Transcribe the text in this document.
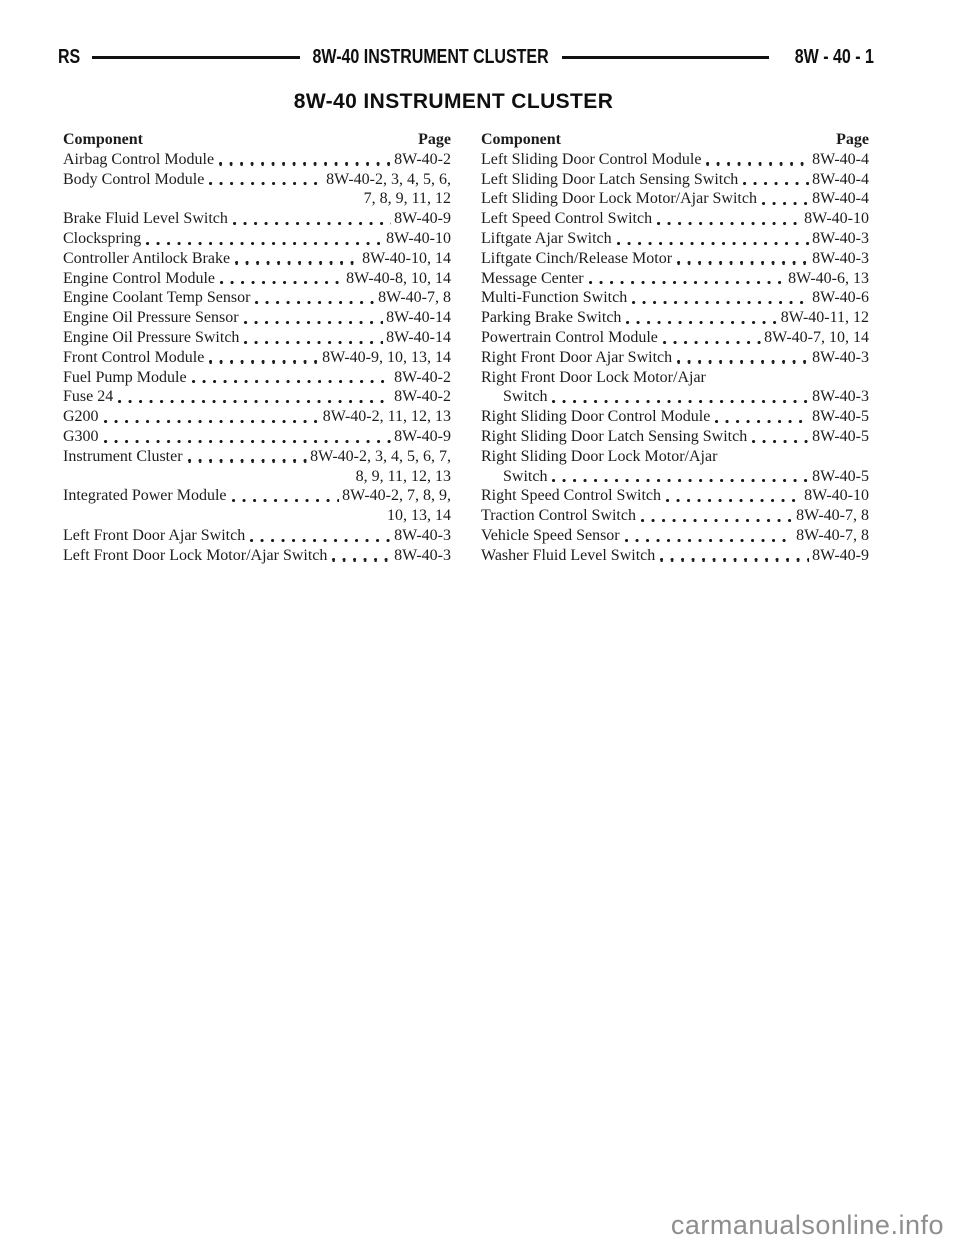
RS	8W-40 INSTRUMENT CLUSTER	8W - 40 - 1
8W-40 INSTRUMENT CLUSTER
Component	Page
Airbag Control Module	8W-40-2
Body Control Module	8W-40-2, 3, 4, 5, 6,
7, 8, 9, 11, 12
Brake Fluid Level Switch	8W-40-9
Clockspring	8W-40-10
Controller Antilock Brake	8W-40-10, 14
Engine Control Module	8W-40-8, 10, 14
Engine Coolant Temp Sensor	8W-40-7, 8
Engine Oil Pressure Sensor	8W-40-14
Engine Oil Pressure Switch	8W-40-14
Front Control Module	8W-40-9, 10, 13, 14
Fuel Pump Module	8W-40-2
Fuse 24	8W-40-2
G200	8W-40-2, 11, 12, 13
G300	8W-40-9
Instrument Cluster	8W-40-2, 3, 4, 5, 6, 7,
8, 9, 11, 12, 13
Integrated Power Module	8W-40-2, 7, 8, 9,
10, 13, 14
Left Front Door Ajar Switch	8W-40-3
Left Front Door Lock Motor/Ajar Switch	8W-40-3
Component	Page
Left Sliding Door Control Module	8W-40-4
Left Sliding Door Latch Sensing Switch	8W-40-4
Left Sliding Door Lock Motor/Ajar Switch	8W-40-4
Left Speed Control Switch	8W-40-10
Liftgate Ajar Switch	8W-40-3
Liftgate Cinch/Release Motor	8W-40-3
Message Center	8W-40-6, 13
Multi-Function Switch	8W-40-6
Parking Brake Switch	8W-40-11, 12
Powertrain Control Module	8W-40-7, 10, 14
Right Front Door Ajar Switch	8W-40-3
Right Front Door Lock Motor/Ajar
Switch	8W-40-3
Right Sliding Door Control Module	8W-40-5
Right Sliding Door Latch Sensing Switch	8W-40-5
Right Sliding Door Lock Motor/Ajar
Switch	8W-40-5
Right Speed Control Switch	8W-40-10
Traction Control Switch	8W-40-7, 8
Vehicle Speed Sensor	8W-40-7, 8
Washer Fluid Level Switch	8W-40-9
carmanualsonline.info
